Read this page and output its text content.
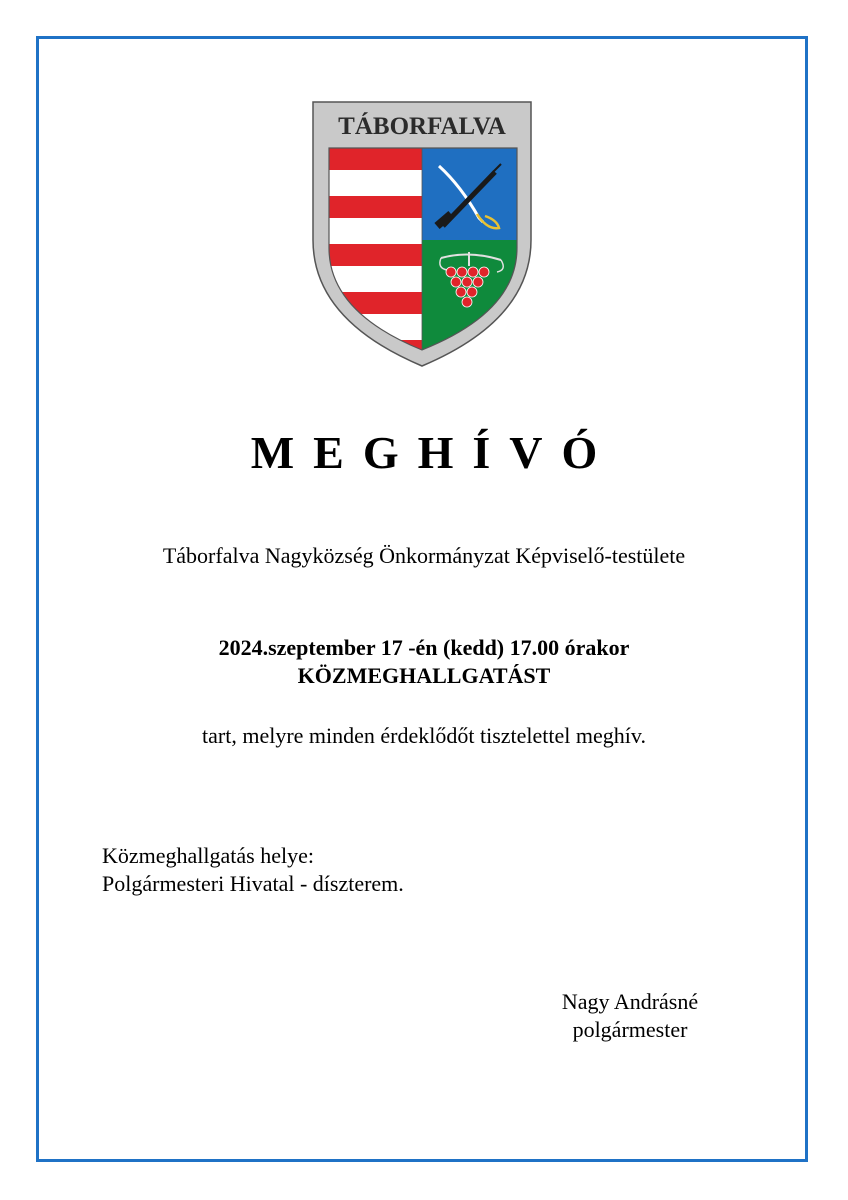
TÁBORFALVA
MEGHÍVÓ
Táborfalva Nagyközség Önkormányzat Képviselő-testülete
2024.szeptember 17 -én (kedd) 17.00 órakor
KÖZMEGHALLGATÁST
tart, melyre minden érdeklődőt tisztelettel meghív.
Közmeghallgatás helye:
Polgármesteri Hivatal - díszterem.
Nagy Andrásné
polgármester
